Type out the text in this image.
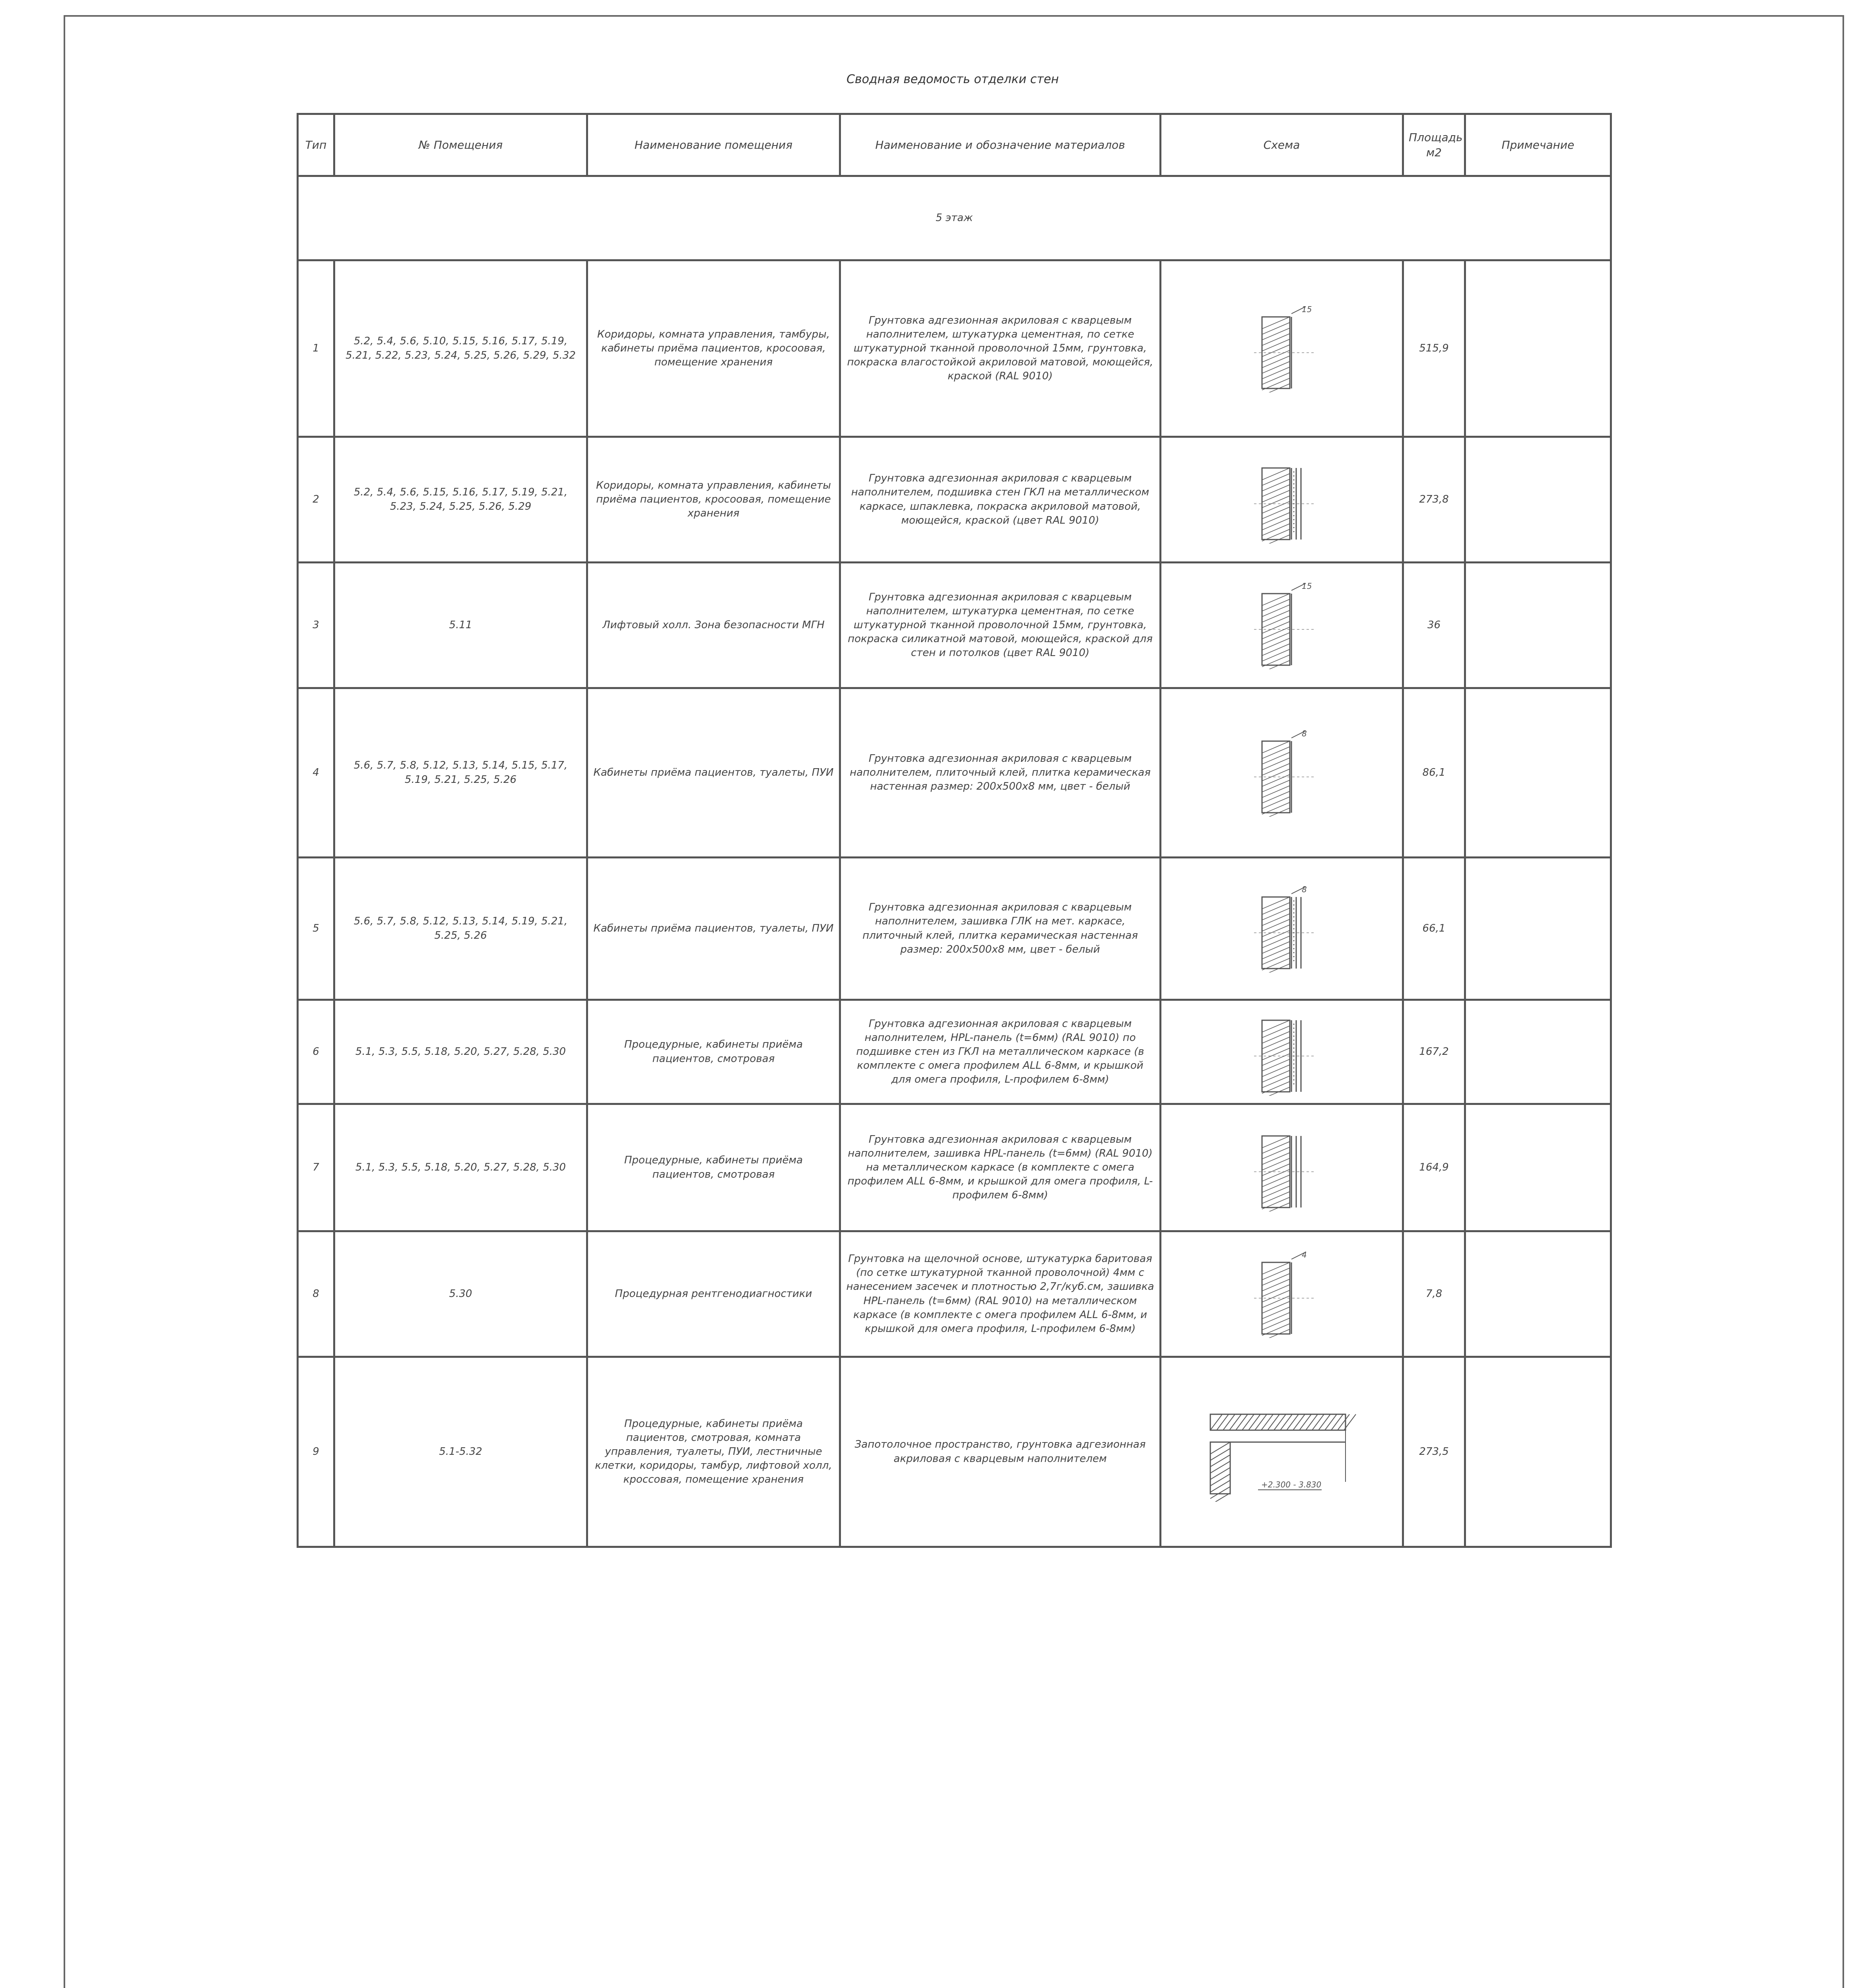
Сводная ведомость отделки стен
Тип	№ Помещения	Наименование помещения	Наименование и обозначение материалов	Схема	Площадь м2	Примечание
5 этаж						
1	5.2, 5.4, 5.6, 5.10, 5.15, 5.16, 5.17, 5.19, 5.21, 5.22, 5.23, 5.24, 5.25, 5.26, 5.29, 5.32	Коридоры, комната управления, тамбуры, кабинеты приёма пациентов, кросоовая, помещение хранения	Грунтовка адгезионная акриловая с кварцевым наполнителем, штукатурка цементная, по сетке штукатурной тканной проволочной 15мм, грунтовка, покраска влагостойкой акриловой матовой, моющейся, краской (RAL 9010)	15	515,9	
2	5.2, 5.4, 5.6, 5.15, 5.16, 5.17, 5.19, 5.21, 5.23, 5.24, 5.25, 5.26, 5.29	Коридоры, комната управления, кабинеты приёма пациентов, кросоовая, помещение хранения	Грунтовка адгезионная акриловая с кварцевым наполнителем, подшивка стен ГКЛ на металлическом каркасе, шпаклевка, покраска акриловой матовой, моющейся, краской (цвет RAL 9010)		273,8	
3	5.11	Лифтовый холл. Зона безопасности МГН	Грунтовка адгезионная акриловая с кварцевым наполнителем, штукатурка цементная, по сетке штукатурной тканной проволочной 15мм, грунтовка, покраска силикатной матовой, моющейся, краской для стен и потолков (цвет RAL 9010)	15	36	
4	5.6, 5.7, 5.8, 5.12, 5.13, 5.14, 5.15, 5.17, 5.19, 5.21, 5.25, 5.26	Кабинеты приёма пациентов, туалеты, ПУИ	Грунтовка адгезионная акриловая с кварцевым наполнителем, плиточный клей, плитка керамическая настенная размер: 200x500x8 мм, цвет - белый	8	86,1	
5	5.6, 5.7, 5.8, 5.12, 5.13, 5.14, 5.19, 5.21, 5.25, 5.26	Кабинеты приёма пациентов, туалеты, ПУИ	Грунтовка адгезионная акриловая с кварцевым наполнителем, зашивка ГЛК на мет. каркасе, плиточный клей, плитка керамическая настенная размер: 200x500x8 мм, цвет - белый	8	66,1	
6	5.1, 5.3, 5.5, 5.18, 5.20, 5.27, 5.28, 5.30	Процедурные, кабинеты приёма пациентов, смотровая	Грунтовка адгезионная акриловая с кварцевым наполнителем, HPL-панель (t=6мм) (RAL 9010) по подшивке стен из ГКЛ на металлическом каркасе (в комплекте с омега профилем ALL 6-8мм, и крышкой для омега профиля, L-профилем 6-8мм)		167,2	
7	5.1, 5.3, 5.5, 5.18, 5.20, 5.27, 5.28, 5.30	Процедурные, кабинеты приёма пациентов, смотровая	Грунтовка адгезионная акриловая с кварцевым наполнителем, зашивка HPL-панель (t=6мм) (RAL 9010) на металлическом каркасе (в комплекте с омега профилем ALL 6-8мм, и крышкой для омега профиля, L-профилем 6-8мм)		164,9	
8	5.30	Процедурная рентгенодиагностики	Грунтовка на щелочной основе, штукатурка баритовая (по сетке штукатурной тканной проволочной) 4мм с нанесением засечек и плотностью 2,7г/куб.см, зашивка HPL-панель (t=6мм) (RAL 9010) на металлическом каркасе (в комплекте с омега профилем ALL 6-8мм, и крышкой для омега профиля, L-профилем 6-8мм)	4	7,8	
9	5.1-5.32	Процедурные, кабинеты приёма пациентов, смотровая, комната управления, туалеты, ПУИ, лестничные клетки, коридоры, тамбур, лифтовой холл, кроссовая, помещение хранения	Запотолочное пространство, грунтовка адгезионная акриловая с кварцевым наполнителем	+2.300 - 3.830	273,5	
